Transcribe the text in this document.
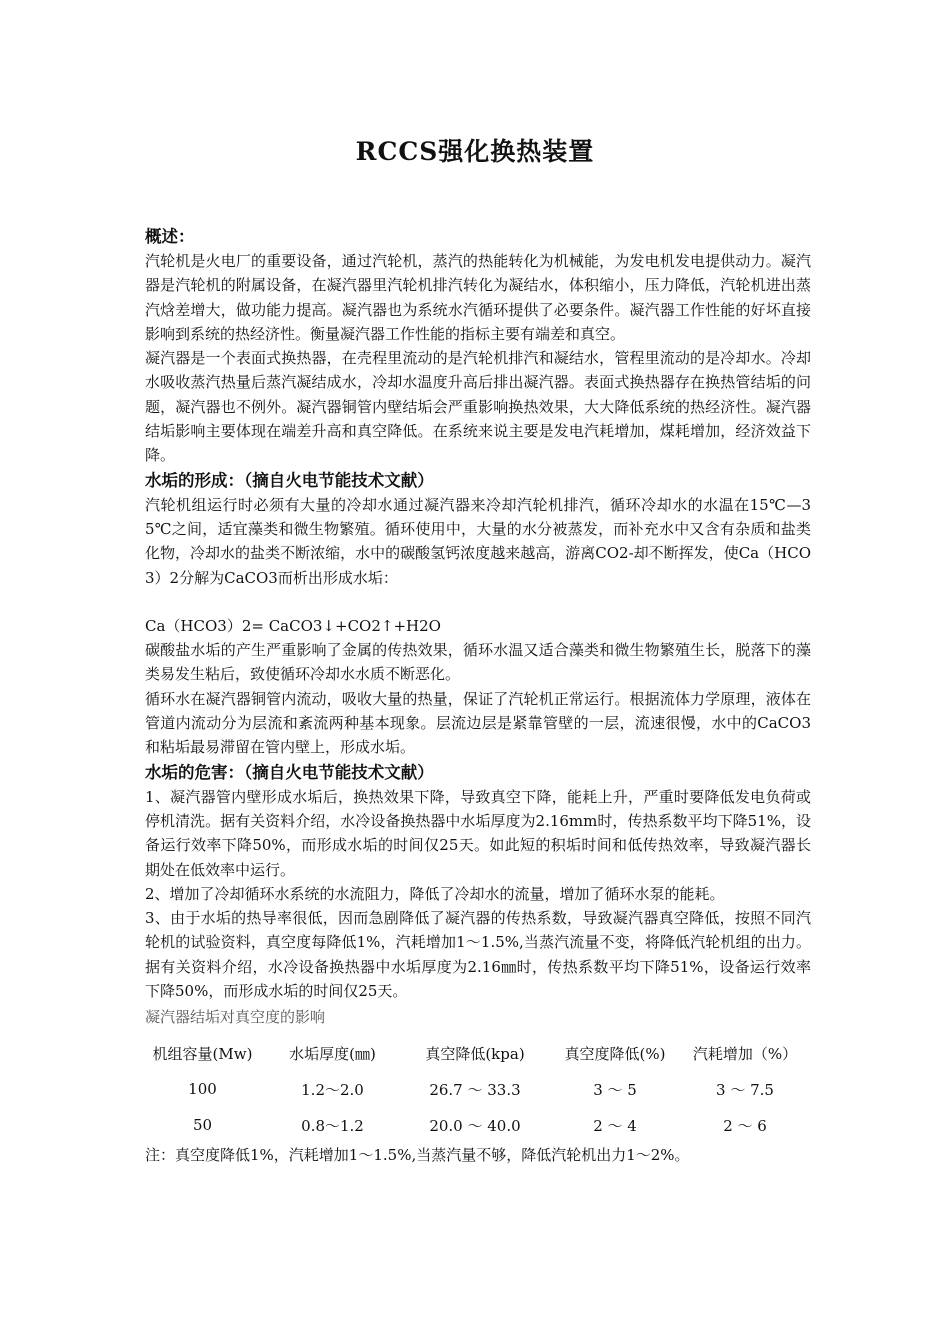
RCCS强化换热装置
概述：

汽轮机是火电厂的重要设备，通过汽轮机，蒸汽的热能转化为机械能，为发电机发电提供动力。凝汽器是汽轮机的附属设备，在凝汽器里汽轮机排汽转化为凝结水，体积缩小，压力降低，汽轮机进出蒸汽焓差增大，做功能力提高。凝汽器也为系统水汽循环提供了必要条件。凝汽器工作性能的好坏直接影响到系统的热经济性。衡量凝汽器工作性能的指标主要有端差和真空。

凝汽器是一个表面式换热器，在壳程里流动的是汽轮机排汽和凝结水，管程里流动的是冷却水。冷却水吸收蒸汽热量后蒸汽凝结成水，冷却水温度升高后排出凝汽器。表面式换热器存在换热管结垢的问题，凝汽器也不例外。凝汽器铜管内壁结垢会严重影响换热效果，大大降低系统的热经济性。凝汽器结垢影响主要体现在端差升高和真空降低。在系统来说主要是发电汽耗增加，煤耗增加，经济效益下降。

水垢的形成：（摘自火电节能技术文献）

汽轮机组运行时必须有大量的冷却水通过凝汽器来冷却汽轮机排汽，循环冷却水的水温在15℃—35℃之间，适宜藻类和微生物繁殖。循环使用中，大量的水分被蒸发，而补充水中又含有杂质和盐类化物，冷却水的盐类不断浓缩，水中的碳酸氢钙浓度越来越高，游离CO2-却不断挥发，使Ca（HCO3）2分解为CaCO3而析出形成水垢：

Ca（HCO3）2= CaCO3↓+CO2↑+H2O

碳酸盐水垢的产生严重影响了金属的传热效果，循环水温又适合藻类和微生物繁殖生长，脱落下的藻类易发生粘后，致使循环冷却水水质不断恶化。

循环水在凝汽器铜管内流动，吸收大量的热量，保证了汽轮机正常运行。根据流体力学原理，液体在管道内流动分为层流和紊流两种基本现象。层流边层是紧靠管壁的一层，流速很慢，水中的CaCO3和粘垢最易滞留在管内壁上，形成水垢。

水垢的危害：（摘自火电节能技术文献）

1、凝汽器管内壁形成水垢后，换热效果下降，导致真空下降，能耗上升，严重时要降低发电负荷或停机清洗。据有关资料介绍，水冷设备换热器中水垢厚度为2.16mm时，传热系数平均下降51%，设备运行效率下降50%，而形成水垢的时间仅25天。如此短的积垢时间和低传热效率，导致凝汽器长期处在低效率中运行。

2、增加了冷却循环水系统的水流阻力，降低了冷却水的流量，增加了循环水泵的能耗。

3、由于水垢的热导率很低，因而急剧降低了凝汽器的传热系数，导致凝汽器真空降低，按照不同汽轮机的试验资料，真空度每降低1%，汽耗增加1～1.5%,当蒸汽流量不变，将降低汽轮机组的出力。据有关资料介绍，水冷设备换热器中水垢厚度为2.16㎜时，传热系数平均下降51%，设备运行效率下降50%，而形成水垢的时间仅25天。

凝汽器结垢对真空度的影响
机组容量(Mw)	水垢厚度(㎜)	真空降低(kpa)	真空度降低(%)	汽耗增加（%）
100	1.2～2.0	26.7 ～ 33.3	3 ～ 5	3 ～ 7.5
50	0.8～1.2	20.0 ～ 40.0	2 ～ 4	2 ～ 6
注：真空度降低1%，汽耗增加1～1.5%,当蒸汽量不够，降低汽轮机出力1～2%。
